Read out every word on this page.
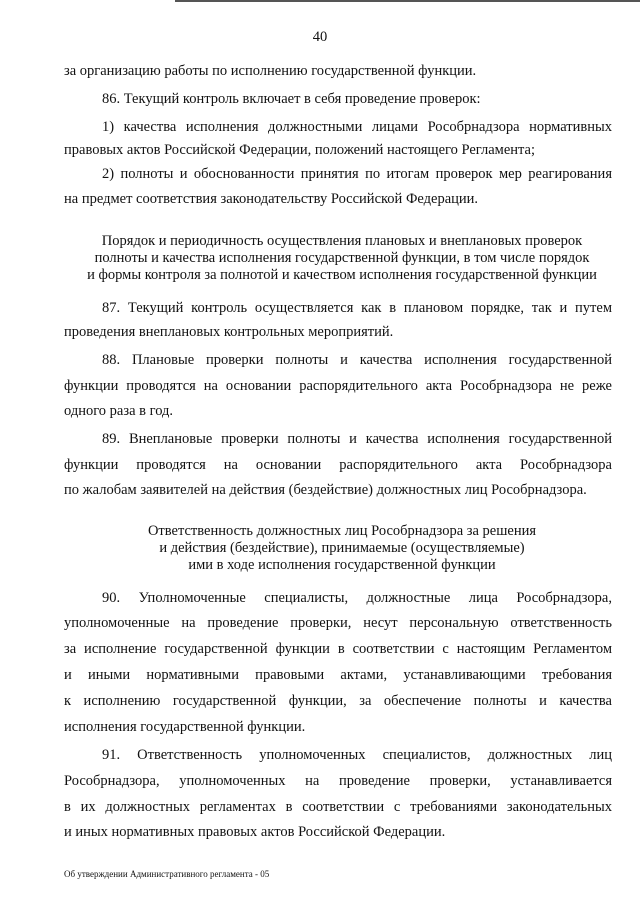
40
за организацию работы по исполнению государственной функции.
86. Текущий контроль включает в себя проведение проверок:
1) качества исполнения должностными лицами Рособрнадзора нормативных
правовых актов Российской Федерации, положений настоящего Регламента;
2) полноты и обоснованности принятия по итогам проверок мер реагирования
на предмет соответствия законодательству Российской Федерации.
Порядок и периодичность осуществления плановых и внеплановых проверок
полноты и качества исполнения государственной функции, в том числе порядок
и формы контроля за полнотой и качеством исполнения государственной функции
87. Текущий контроль осуществляется как в плановом порядке, так и путем
проведения внеплановых контрольных мероприятий.
88. Плановые проверки полноты и качества исполнения государственной
функции проводятся на основании распорядительного акта Рособрнадзора не реже
одного раза в год.
89. Внеплановые проверки полноты и качества исполнения государственной
функции проводятся на основании распорядительного акта Рособрнадзора
по жалобам заявителей на действия (бездействие) должностных лиц Рособрнадзора.
Ответственность должностных лиц Рособрнадзора за решения
и действия (бездействие), принимаемые (осуществляемые)
ими в ходе исполнения государственной функции
90. Уполномоченные специалисты, должностные лица Рособрнадзора,
уполномоченные на проведение проверки, несут персональную ответственность
за исполнение государственной функции в соответствии с настоящим Регламентом
и иными нормативными правовыми актами, устанавливающими требования
к исполнению государственной функции, за обеспечение полноты и качества
исполнения государственной функции.
91. Ответственность уполномоченных специалистов, должностных лиц
Рособрнадзора, уполномоченных на проведение проверки, устанавливается
в их должностных регламентах в соответствии с требованиями законодательных
и иных нормативных правовых актов Российской Федерации.
Об утверждении Административного регламента - 05
